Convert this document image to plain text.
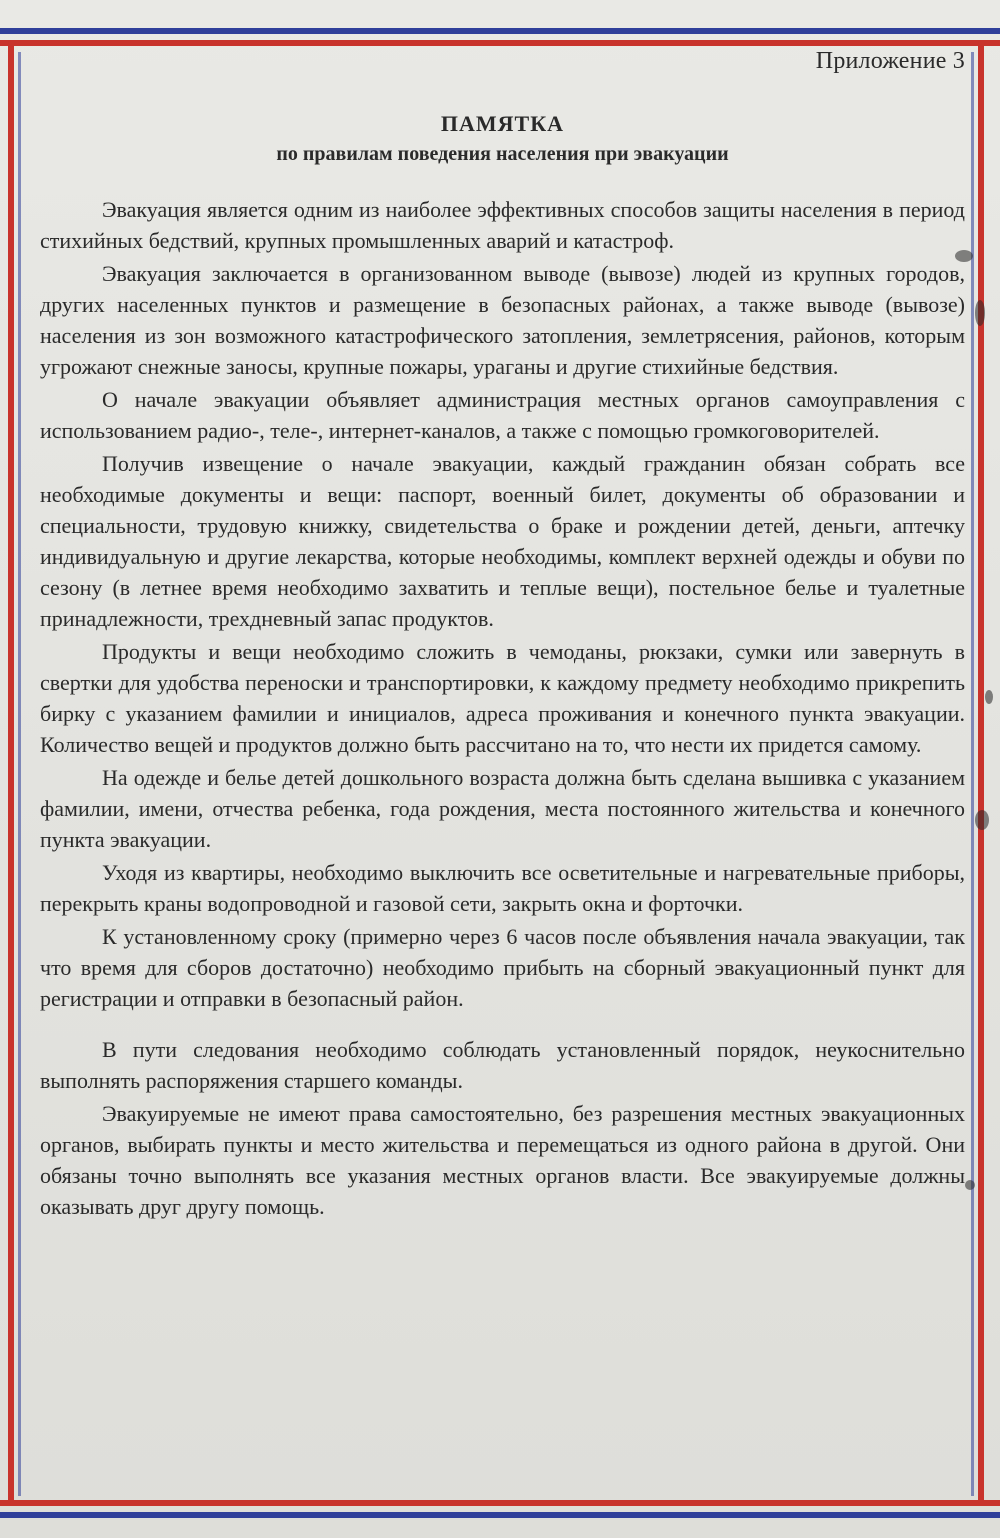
Приложение 3
ПАМЯТКА
по правилам поведения населения при эвакуации

Эвакуация является одним из наиболее эффективных способов защиты населения в период стихийных бедствий, крупных промышленных аварий и катастроф.

Эвакуация заключается в организованном выводе (вывозе) людей из крупных городов, других населенных пунктов и размещение в безопасных районах, а также выводе (вывозе) населения из зон возможного катастрофического затопления, землетрясения, районов, которым угрожают снежные заносы, крупные пожары, ураганы и другие стихийные бедствия.

О начале эвакуации объявляет администрация местных органов самоуправления с использованием радио-, теле-, интернет-каналов, а также с помощью громкоговорителей.

Получив извещение о начале эвакуации, каждый гражданин обязан собрать все необходимые документы и вещи: паспорт, военный билет, документы об образовании и специальности, трудовую книжку, свидетельства о браке и рождении детей, деньги, аптечку индивидуальную и другие лекарства, которые необходимы, комплект верхней одежды и обуви по сезону (в летнее время необходимо захватить и теплые вещи), постельное белье и туалетные принадлежности, трехдневный запас продуктов.

Продукты и вещи необходимо сложить в чемоданы, рюкзаки, сумки или завернуть в свертки для удобства переноски и транспортировки, к каждому предмету необходимо прикрепить бирку с указанием фамилии и инициалов, адреса проживания и конечного пункта эвакуации. Количество вещей и продуктов должно быть рассчитано на то, что нести их придется самому.

На одежде и белье детей дошкольного возраста должна быть сделана вышивка с указанием фамилии, имени, отчества ребенка, года рождения, места постоянного жительства и конечного пункта эвакуации.

Уходя из квартиры, необходимо выключить все осветительные и нагревательные приборы, перекрыть краны водопроводной и газовой сети, закрыть окна и форточки.

К установленному сроку (примерно через 6 часов после объявления начала эвакуации, так что время для сборов достаточно) необходимо прибыть на сборный эвакуационный пункт для регистрации и отправки в безопасный район.

В пути следования необходимо соблюдать установленный порядок, неукоснительно выполнять распоряжения старшего команды.

Эвакуируемые не имеют права самостоятельно, без разрешения местных эвакуационных органов, выбирать пункты и место жительства и перемещаться из одного района в другой. Они обязаны точно выполнять все указания местных органов власти. Все эвакуируемые должны оказывать друг другу помощь.
